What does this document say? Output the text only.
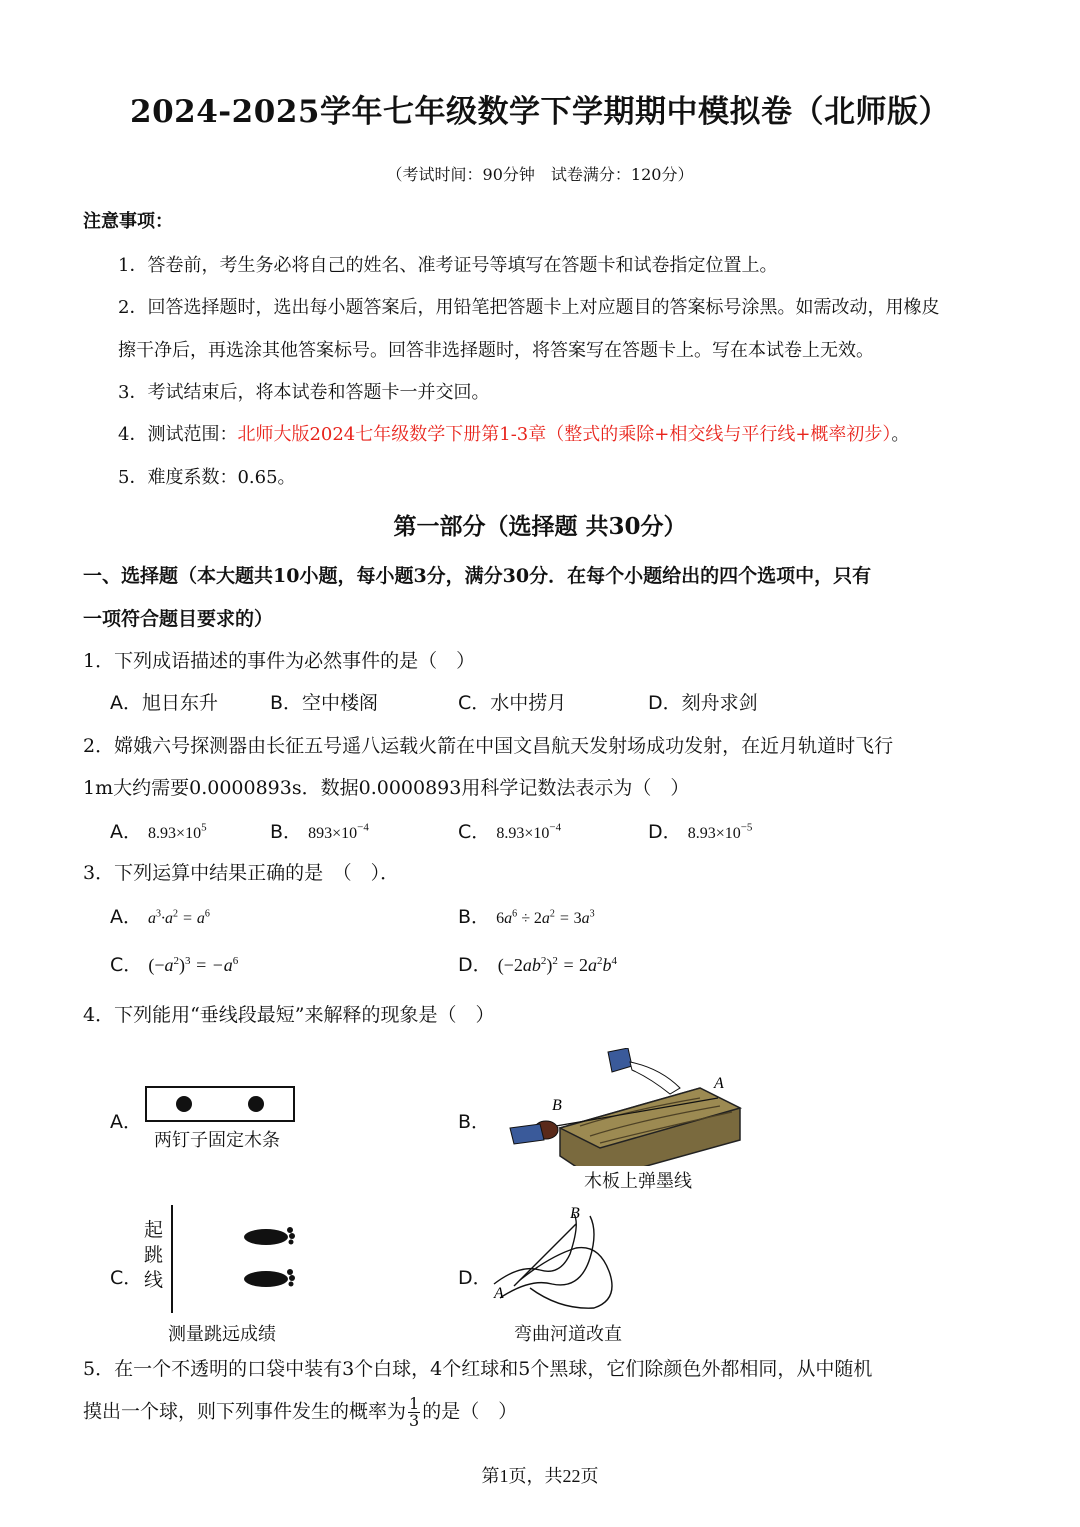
2024-2025学年七年级数学下学期期中模拟卷（北师版）
（考试时间：90分钟　试卷满分：120分）
注意事项：
1．答卷前，考生务必将自己的姓名、准考证号等填写在答题卡和试卷指定位置上。
2．回答选择题时，选出每小题答案后，用铅笔把答题卡上对应题目的答案标号涂黑。如需改动，用橡皮
擦干净后，再选涂其他答案标号。回答非选择题时，将答案写在答题卡上。写在本试卷上无效。
3．考试结束后，将本试卷和答题卡一并交回。
4．测试范围：北师大版2024七年级数学下册第1-3章（整式的乘除+相交线与平行线+概率初步）。
5．难度系数：0.65。
第一部分（选择题 共30分）
一、选择题（本大题共10小题，每小题3分，满分30分．在每个小题给出的四个选项中，只有
一项符合题目要求的）
1．下列成语描述的事件为必然事件的是（　）
A．旭日东升	B．空中楼阁	C．水中捞月	D．刻舟求剑
2．嫦娥六号探测器由长征五号遥八运载火箭在中国文昌航天发射场成功发射，在近月轨道时飞行
1m大约需要0.0000893s．数据0.0000893用科学记数法表示为（　）
A． $8.93\times 10^5$	B． $893\times 10^{-4}$	C． $8.93\times 10^{-4}$	D． $8.93\times 10^{-5}$
3．下列运算中结果正确的是　（　）．
A． $a^3\cdot a^2 = a^6$	B． $6a^6 \div 2a^2 = 3a^3$
C． $(-a^2)^3 = -a^6$	D． $(-2ab^2)^2 = 2a^2b^4$
4．下列能用“垂线段最短”来解释的现象是（　）
A．
两钉子固定木条
B．
B
A
木板上弹墨线
C．
起
跳
线
测量跳远成绩
D．
B
A
弯曲河道改直
5．在一个不透明的口袋中装有3个白球，4个红球和5个黑球，它们除颜色外都相同，从中随机
摸出一个球，则下列事件发生的概率为 $\frac{1}{3}$ 的是（　）
第1页，共22页
